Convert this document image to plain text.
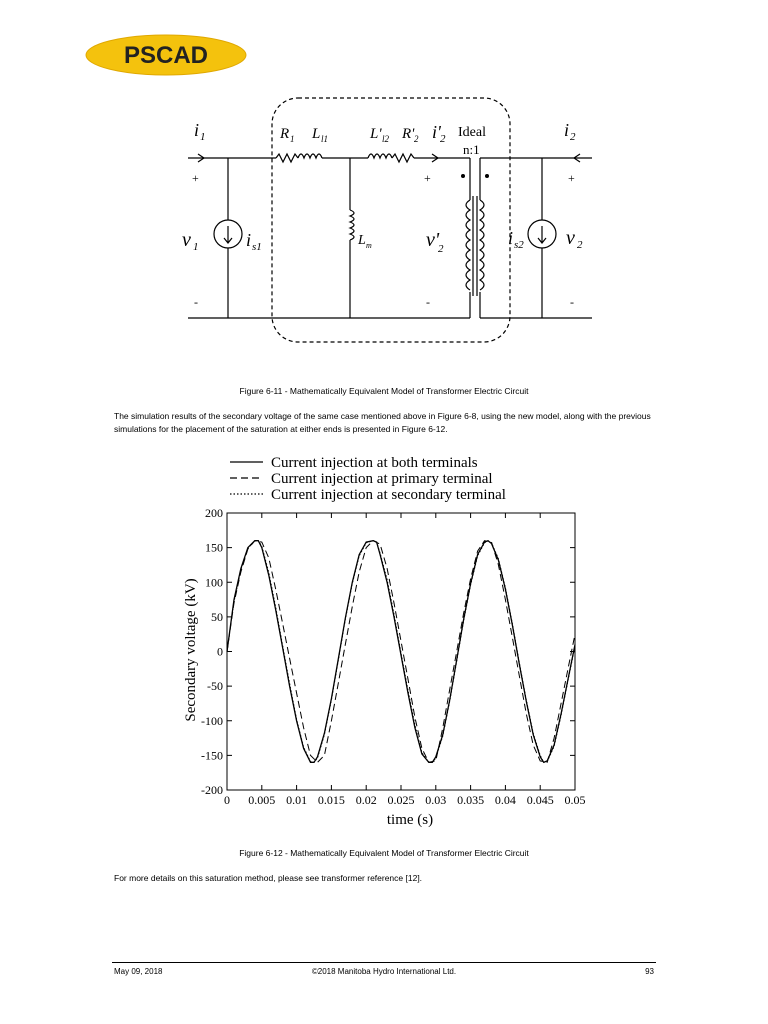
PSCAD
i 1	R 1 L l1	L' l2 R' 2 i' 2 Ideal
n:1
i 2
v 1	i s1	L m	v'
2
i s2 v 2
+
-
+
-
+
-
Figure 6-11 - Mathematically Equivalent Model of Transformer Electric Circuit
The simulation results of the secondary voltage of the same case mentioned above in Figure 6-8, using the new model, along with the previous simulations for the placement of the saturation at either ends is presented in Figure 6-12.
Current injection at both terminals
Current injection at primary terminal
Current injection at secondary terminal
0 0.005 0.01 0.015 0.02 0.025 0.03 0.035 0.04 0.045 0.05
-200
-150
-100
-50
0
50
100
150
200
Secondary voltage (kV)
time (s)
Figure 6-12 - Mathematically Equivalent Model of Transformer Electric Circuit
For more details on this saturation method, please see transformer reference [12].
May 09, 2018	©2018 Manitoba Hydro International Ltd.	93
